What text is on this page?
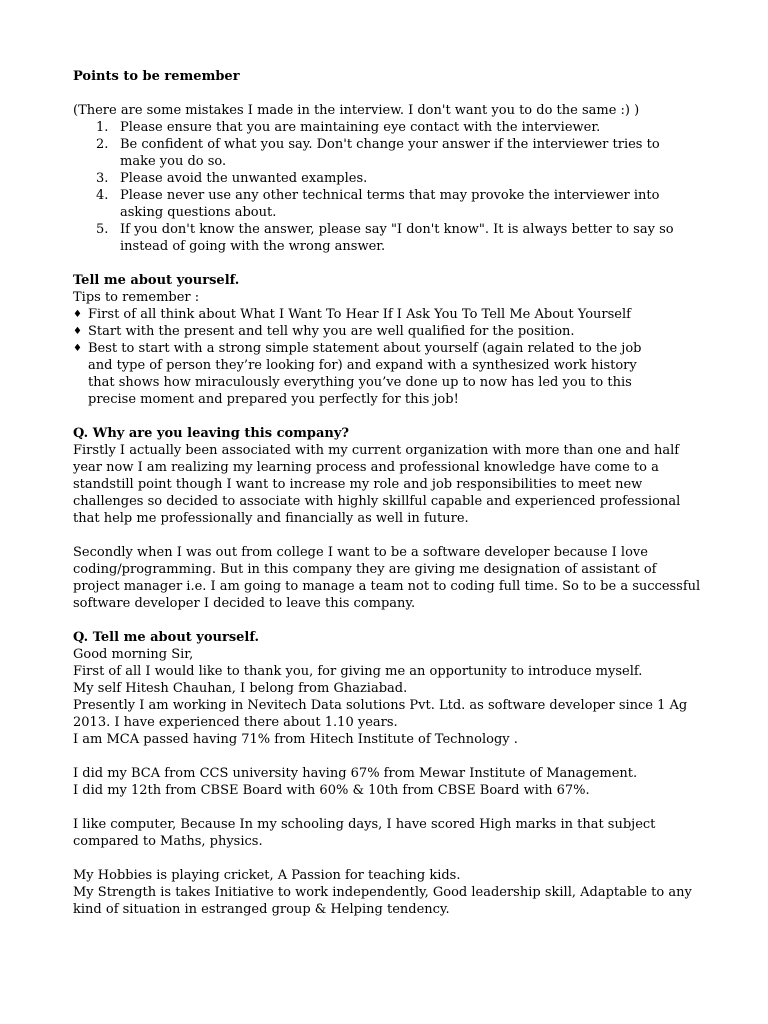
Points to be remember
(There are some mistakes I made in the interview. I don't want you to do the same :) )
1. Please ensure that you are maintaining eye contact with the interviewer.
2. Be confident of what you say. Don't change your answer if the interviewer tries to
make you do so.
3. Please avoid the unwanted examples.
4. Please never use any other technical terms that may provoke the interviewer into
asking questions about.
5. If you don't know the answer, please say "I don't know". It is always better to say so
instead of going with the wrong answer.
Tell me about yourself.
Tips to remember :
♦ First of all think about What I Want To Hear If I Ask You To Tell Me About Yourself
♦ Start with the present and tell why you are well qualified for the position.
♦ Best to start with a strong simple statement about yourself (again related to the job
and type of person they’re looking for) and expand with a synthesized work history
that shows how miraculously everything you’ve done up to now has led you to this
precise moment and prepared you perfectly for this job!
Q. Why are you leaving this company?
Firstly I actually been associated with my current organization with more than one and half
year now I am realizing my learning process and professional knowledge have come to a
standstill point though I want to increase my role and job responsibilities to meet new
challenges so decided to associate with highly skillful capable and experienced professional
that help me professionally and financially as well in future.
Secondly when I was out from college I want to be a software developer because I love
coding/programming. But in this company they are giving me designation of assistant of
project manager i.e. I am going to manage a team not to coding full time. So to be a successful
software developer I decided to leave this company.
Q. Tell me about yourself.
Good morning Sir,
First of all I would like to thank you, for giving me an opportunity to introduce myself.
My self Hitesh Chauhan, I belong from Ghaziabad.
Presently I am working in Nevitech Data solutions Pvt. Ltd. as software developer since 1 Ag
2013. I have experienced there about 1.10 years.
I am MCA passed having 71% from Hitech Institute of Technology .
I did my BCA from CCS university having 67% from Mewar Institute of Management.
I did my 12th from CBSE Board with 60% & 10th from CBSE Board with 67%.
I like computer, Because In my schooling days, I have scored High marks in that subject
compared to Maths, physics.
My Hobbies is playing cricket, A Passion for teaching kids.
My Strength is takes Initiative to work independently, Good leadership skill, Adaptable to any
kind of situation in estranged group & Helping tendency.
